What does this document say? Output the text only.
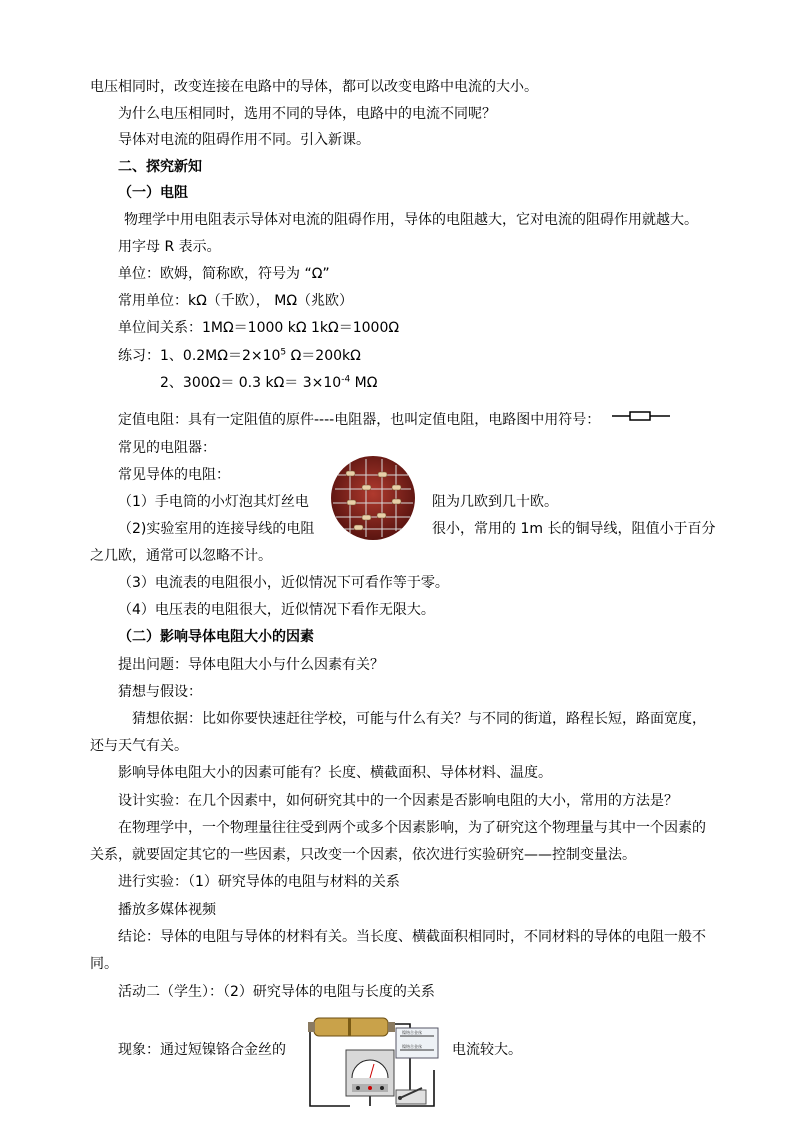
电压相同时，改变连接在电路中的导体，都可以改变电路中电流的大小。
为什么电压相同时，选用不同的导体，电路中的电流不同呢？
导体对电流的阻碍作用不同。引入新课。
二、探究新知
（一）电阻
物理学中用电阻表示导体对电流的阻碍作用，导体的电阻越大，它对电流的阻碍作用就越大。
用字母 R 表示。
单位：欧姆，简称欧，符号为 “Ω”
常用单位：kΩ（千欧）， MΩ（兆欧）
单位间关系：1MΩ＝1000 kΩ 1kΩ＝1000Ω
练习：1、$0.2M\Omega=2\times 10^5$ Ω＝200kΩ
2、300Ω＝ 0.3 $k\Omega= 3\times 10^{-4}$ MΩ
定值电阻：具有一定阻值的原件----电阻器，也叫定值电阻，电路图中用符号：
常见的电阻器：
常见导体的电阻：
（1）手电筒的小灯泡其灯丝电	阻为几欧到几十欧。
（2)实验室用的连接导线的电阻	很小，常用的 1m 长的铜导线，阻值小于百分
之几欧，通常可以忽略不计。
（3）电流表的电阻很小，近似情况下可看作等于零。
（4）电压表的电阻很大，近似情况下看作无限大。
（二）影响导体电阻大小的因素
提出问题：导体电阻大小与什么因素有关？
猜想与假设：
猜想依据：比如你要快速赶往学校，可能与什么有关？与不同的街道，路程长短，路面宽度，
还与天气有关。
影响导体电阻大小的因素可能有？长度、横截面积、导体材料、温度。
设计实验：在几个因素中，如何研究其中的一个因素是否影响电阻的大小，常用的方法是？
在物理学中，一个物理量往往受到两个或多个因素影响，为了研究这个物理量与其中一个因素的
关系，就要固定其它的一些因素，只改变一个因素，依次进行实验研究——控制变量法。
进行实验：（1）研究导体的电阻与材料的关系
播放多媒体视频
结论：导体的电阻与导体的材料有关。当长度、横截面积相同时，不同材料的导体的电阻一般不
同。
活动二（学生）：（2）研究导体的电阻与长度的关系
现象：通过短镍铬合金丝的	电流较大。
镍铬合金丝
镍铬合金丝
